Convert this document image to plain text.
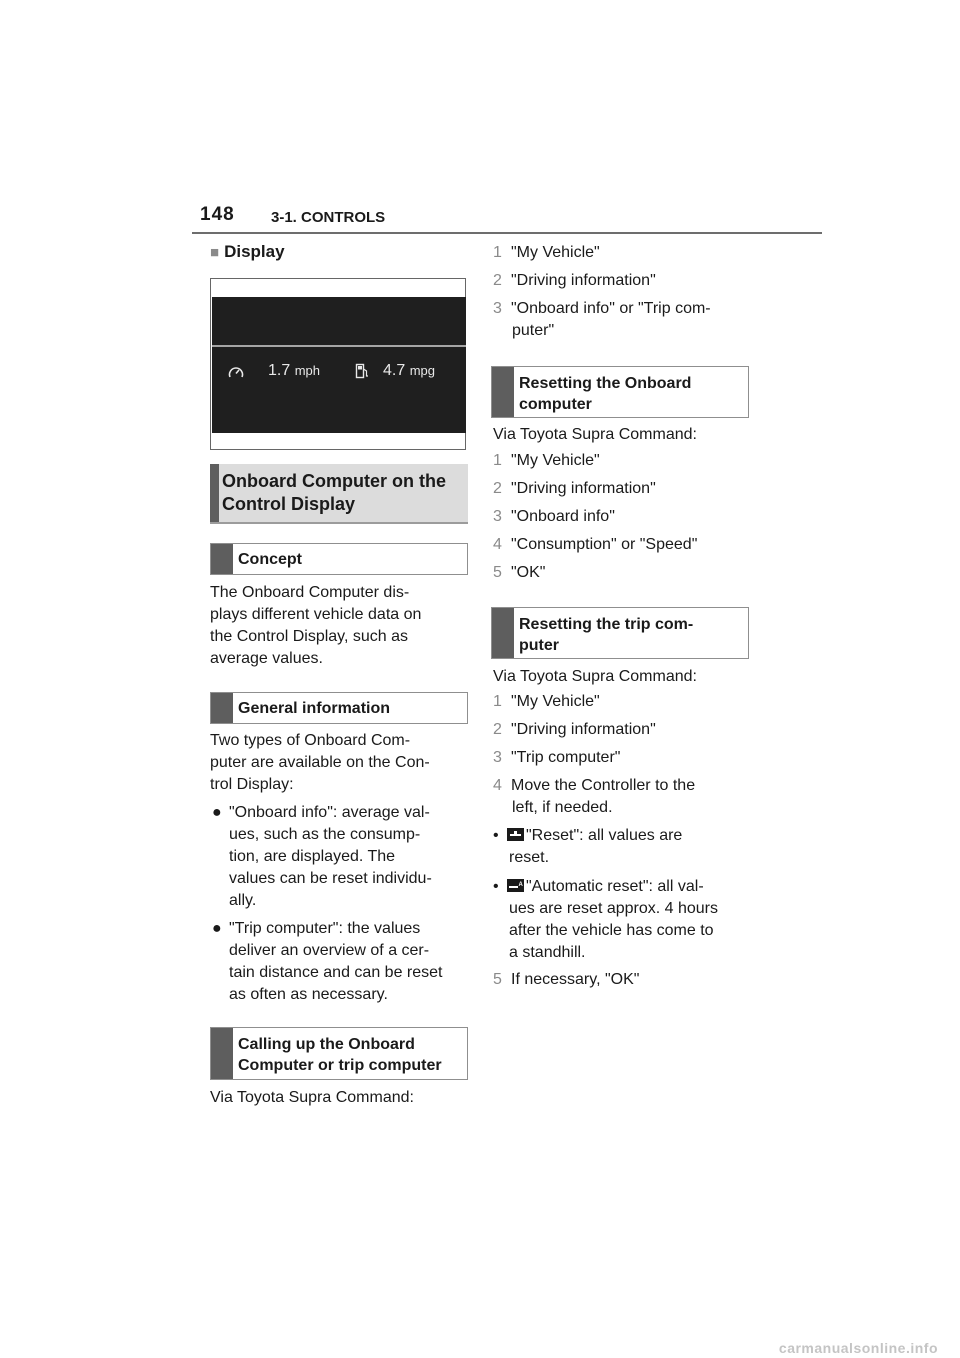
148 3-1. CONTROLS
■ Display
1.7 mph	4.7 mpg
Onboard Computer on the
Control Display
Concept
The Onboard Computer dis-
plays different vehicle data on
the Control Display, such as
average values.
General information
Two types of Onboard Com-
puter are available on the Con-
trol Display:
● "Onboard info": average val-
ues, such as the consump-
tion, are displayed. The
values can be reset individu-
ally.
● "Trip computer": the values
deliver an overview of a cer-
tain distance and can be reset
as often as necessary.
Calling up the Onboard
Computer or trip computer
Via Toyota Supra Command:
1 "My Vehicle"
2 "Driving information"
3 "Onboard info" or "Trip com-
puter"
Resetting the Onboard
computer
Via Toyota Supra Command:
1 "My Vehicle"
2 "Driving information"
3 "Onboard info"
4 "Consumption" or "Speed"
5 "OK"
Resetting the trip com-
puter
Via Toyota Supra Command:
1 "My Vehicle"
2 "Driving information"
3 "Trip computer"
4 Move the Controller to the
left, if needed.
• "Reset": all values are
reset.
•	A "Automatic reset": all val-
ues are reset approx. 4 hours
after the vehicle has come to
a standhill.
5 If necessary, "OK"
carmanualsonline.info
